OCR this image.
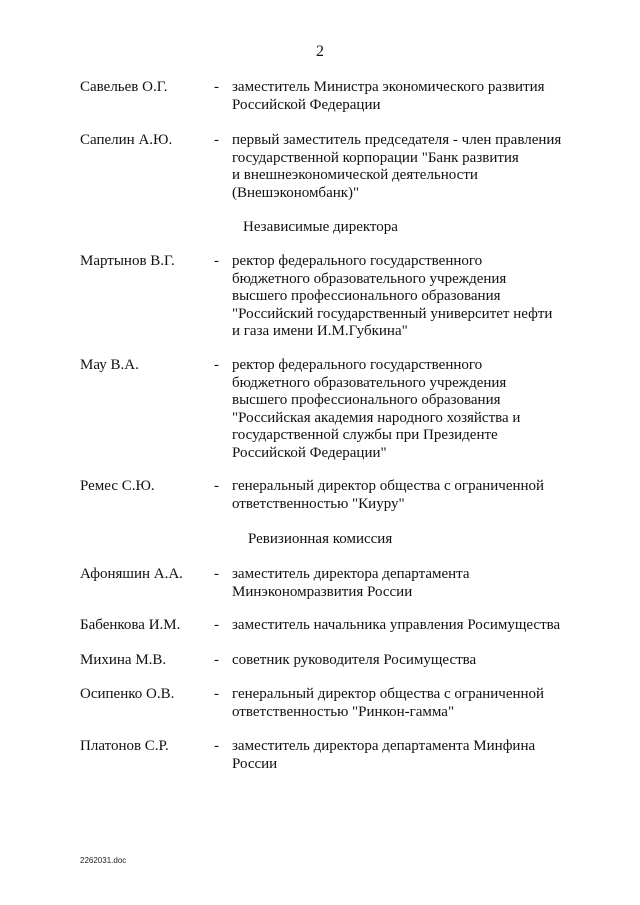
2
Савельев О.Г.	- заместитель Министра экономического развития
Российской Федерации
Сапелин А.Ю.	- первый заместитель председателя - член правления
государственной корпорации "Банк развития
и внешнеэкономической деятельности
(Внешэкономбанк)"
Независимые директора
Мартынов В.Г.	- ректор федерального государственного
бюджетного образовательного учреждения
высшего профессионального образования
"Российский государственный университет нефти
и газа имени И.М.Губкина"
Мау В.А.	- ректор федерального государственного
бюджетного образовательного учреждения
высшего профессионального образования
"Российская академия народного хозяйства и
государственной службы при Президенте
Российской Федерации"
Ремес С.Ю.	- генеральный директор общества с ограниченной
ответственностью "Киуру"
Ревизионная комиссия
Афоняшин А.А. - заместитель директора департамента
Минэкономразвития России
Бабенкова И.М. - заместитель начальника управления Росимущества
Михина М.В.	- советник руководителя Росимущества
Осипенко О.В.	- генеральный директор общества с ограниченной
ответственностью "Ринкон-гамма"
Платонов С.Р.	- заместитель директора департамента Минфина
России
2262031.doc
